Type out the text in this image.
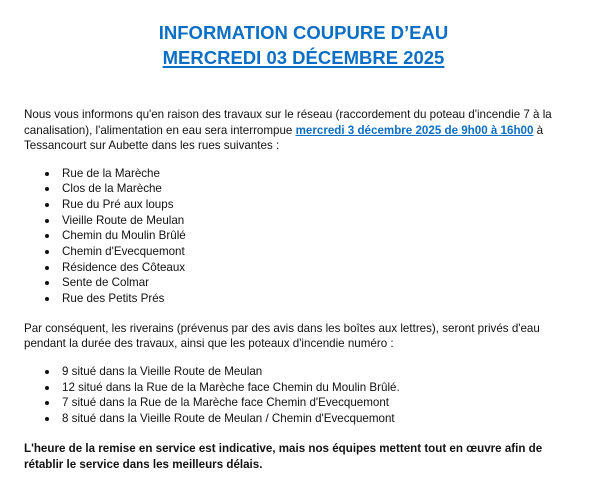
INFORMATION COUPURE D’EAU
MERCREDI 03 DÉCEMBRE 2025

Nous vous informons qu'en raison des travaux sur le réseau (raccordement du poteau d'incendie 7 à la canalisation), l'alimentation en eau sera interrompue mercredi 3 décembre 2025 de 9h00 à 16h00 à Tessancourt sur Aubette dans les rues suivantes :

Rue de la Marèche
Clos de la Marèche
Rue du Pré aux loups
Vieille Route de Meulan
Chemin du Moulin Brûlé
Chemin d'Evecquemont
Résidence des Côteaux
Sente de Colmar
Rue des Petits Prés

Par conséquent, les riverains (prévenus par des avis dans les boîtes aux lettres), seront privés d'eau pendant la durée des travaux, ainsi que les poteaux d'incendie numéro :

9 situé dans la Vieille Route de Meulan
12 situé dans la Rue de la Marèche face Chemin du Moulin Brûlé.
7 situé dans la Rue de la Marèche face Chemin d'Evecquemont
8 situé dans la Vieille Route de Meulan / Chemin d'Evecquemont

L'heure de la remise en service est indicative, mais nos équipes mettent tout en œuvre afin de rétablir le service dans les meilleurs délais.
